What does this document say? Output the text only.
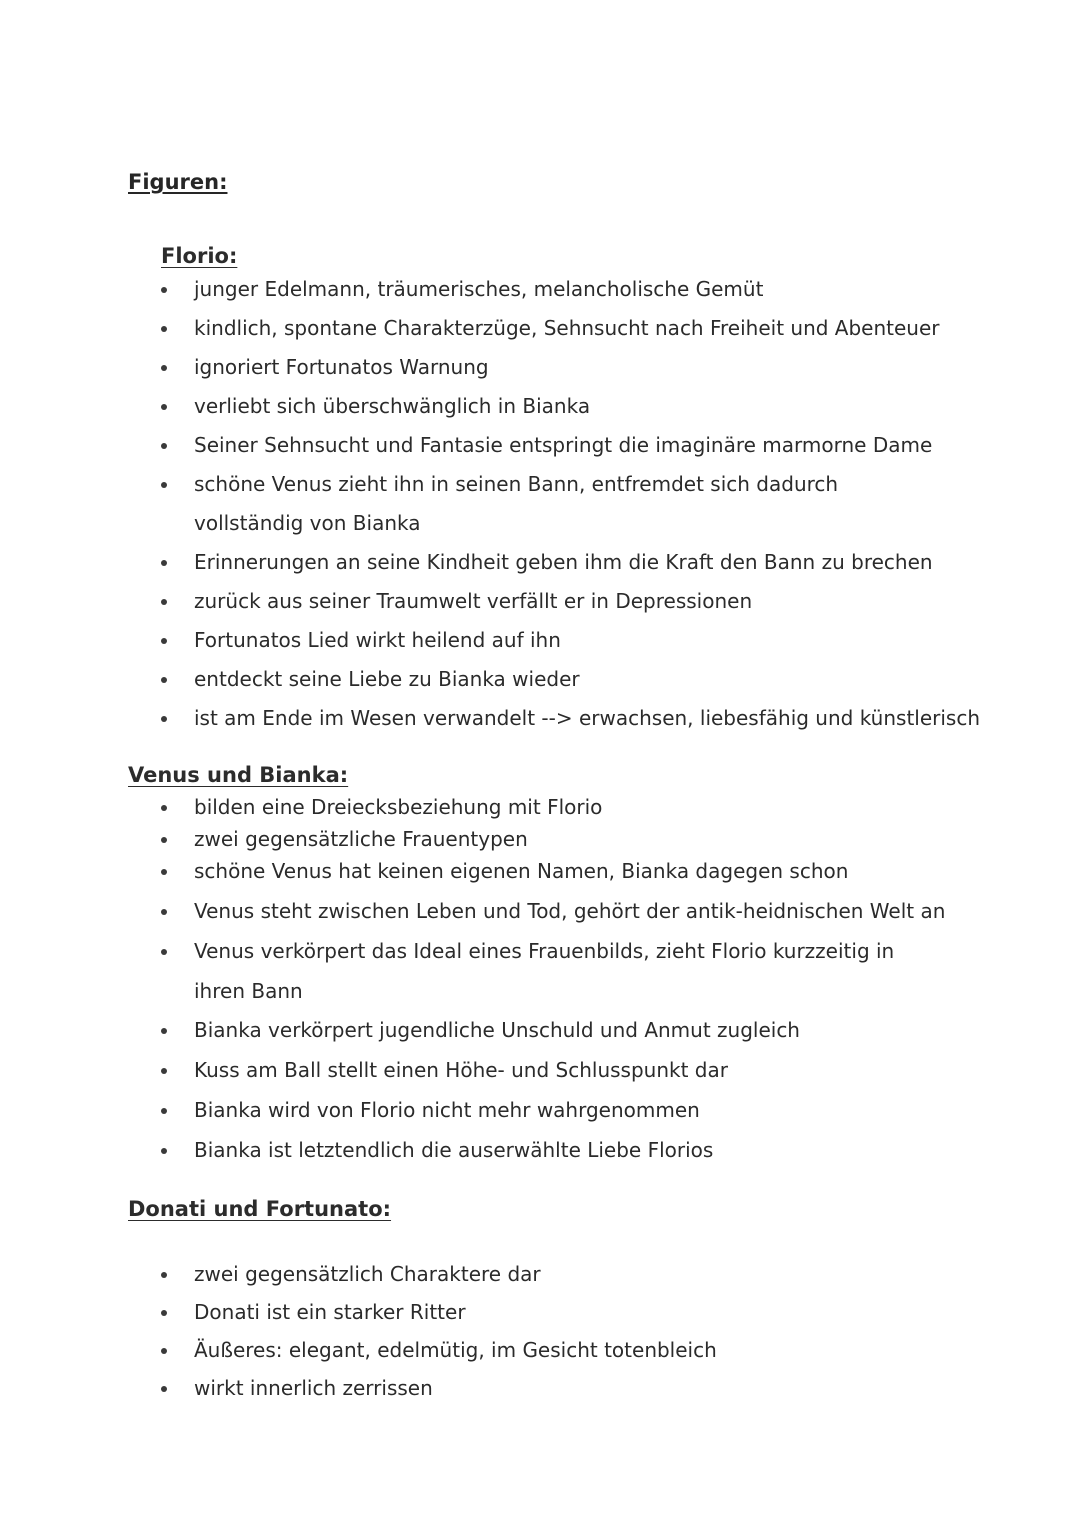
Figuren:
Florio:
junger Edelmann, träumerisches, melancholische Gemüt
kindlich, spontane Charakterzüge, Sehnsucht nach Freiheit und Abenteuer
ignoriert Fortunatos Warnung
verliebt sich überschwänglich in Bianka
Seiner Sehnsucht und Fantasie entspringt die imaginäre marmorne Dame
schöne Venus zieht ihn in seinen Bann, entfremdet sich dadurch vollständig von Bianka
Erinnerungen an seine Kindheit geben ihm die Kraft den Bann zu brechen
zurück aus seiner Traumwelt verfällt er in Depressionen
Fortunatos Lied wirkt heilend auf ihn
entdeckt seine Liebe zu Bianka wieder
ist am Ende im Wesen verwandelt --> erwachsen, liebesfähig und künstlerisch
Venus und Bianka:
bilden eine Dreiecksbeziehung mit Florio
zwei gegensätzliche Frauentypen
schöne Venus hat keinen eigenen Namen, Bianka dagegen schon
Venus steht zwischen Leben und Tod, gehört der antik-heidnischen Welt an
Venus verkörpert das Ideal eines Frauenbilds, zieht Florio kurzzeitig in ihren Bann
Bianka verkörpert jugendliche Unschuld und Anmut zugleich
Kuss am Ball stellt einen Höhe- und Schlusspunkt dar
Bianka wird von Florio nicht mehr wahrgenommen
Bianka ist letztendlich die auserwählte Liebe Florios
Donati und Fortunato:
zwei gegensätzlich Charaktere dar
Donati ist ein starker Ritter
Äußeres: elegant, edelmütig, im Gesicht totenbleich
wirkt innerlich zerrissen
